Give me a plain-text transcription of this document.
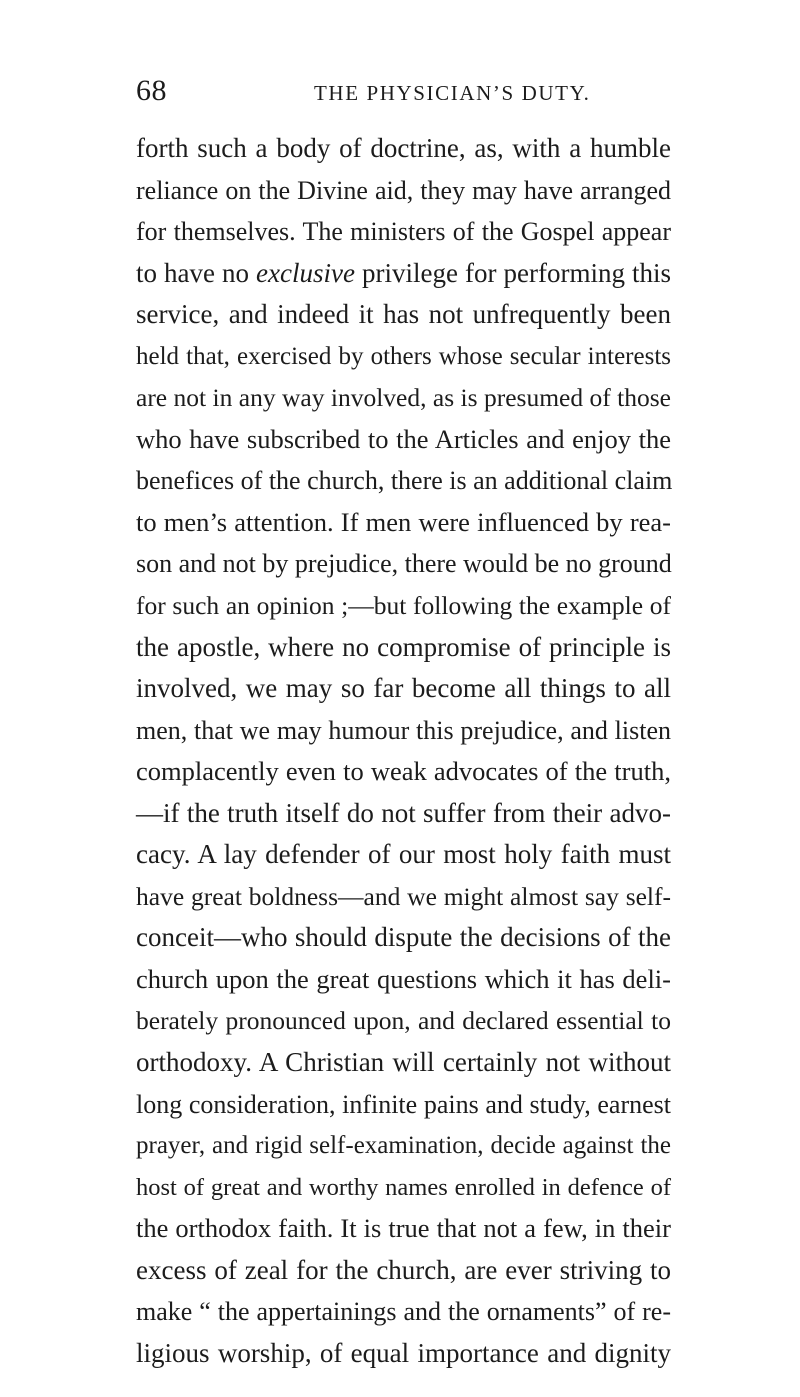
68	THE PHYSICIAN’S DUTY.
forth such a body of doctrine, as, with a humble
reliance on the Divine aid, they may have arranged
for themselves. The ministers of the Gospel appear
to have no exclusive privilege for performing this
service, and indeed it has not unfrequently been
held that, exercised by others whose secular interests
are not in any way involved, as is presumed of those
who have subscribed to the Articles and enjoy the
benefices of the church, there is an additional claim
to men’s attention. If men were influenced by rea-
son and not by prejudice, there would be no ground
for such an opinion ;—but following the example of
the apostle, where no compromise of principle is
involved, we may so far become all things to all
men, that we may humour this prejudice, and listen
complacently even to weak advocates of the truth,
—if the truth itself do not suffer from their advo-
cacy. A lay defender of our most holy faith must
have great boldness—and we might almost say self-
conceit—who should dispute the decisions of the
church upon the great questions which it has deli-
berately pronounced upon, and declared essential to
orthodoxy. A Christian will certainly not without
long consideration, infinite pains and study, earnest
prayer, and rigid self-examination, decide against the
host of great and worthy names enrolled in defence of
the orthodox faith. It is true that not a few, in their
excess of zeal for the church, are ever striving to
make “ the appertainings and the ornaments” of re-
ligious worship, of equal importance and dignity
